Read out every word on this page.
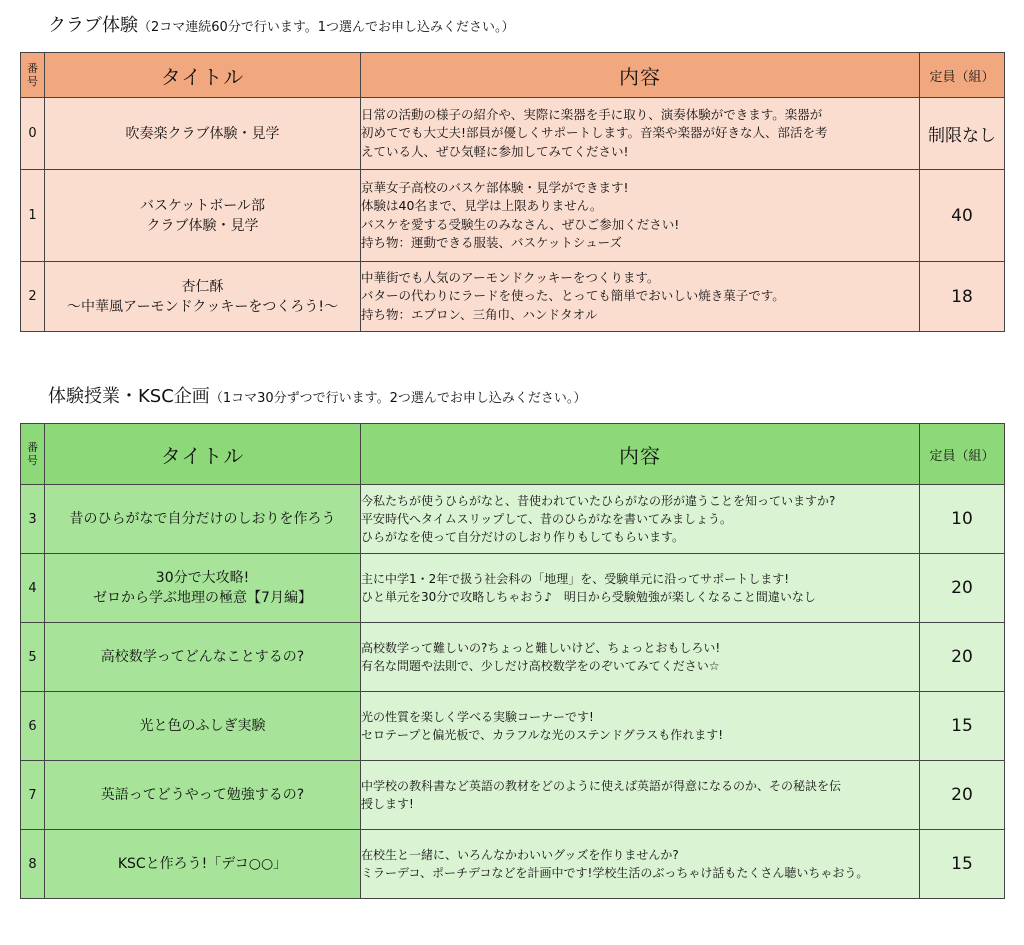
クラブ体験（2コマ連続60分で行います。1つ選んでお申し込みください。）
番
号	タイトル	内容	定員（組）
0	吹奏楽クラブ体験・見学	日常の活動の様子の紹介や、実際に楽器を手に取り、演奏体験ができます。楽器が
初めてでも大丈夫!部員が優しくサポートします。音楽や楽器が好きな人、部活を考
えている人、ぜひ気軽に参加してみてください!	制限なし
1	バスケットボール部
クラブ体験・見学	京華女子高校のバスケ部体験・見学ができます!
体験は40名まで、見学は上限ありません。
バスケを愛する受験生のみなさん、ぜひご参加ください!
持ち物：運動できる服装、バスケットシューズ	40
2	杏仁酥
～中華風アーモンドクッキーをつくろう!～	中華街でも人気のアーモンドクッキーをつくります。
バターの代わりにラードを使った、とっても簡単でおいしい焼き菓子です。
持ち物：エプロン、三角巾、ハンドタオル	18
体験授業・KSC企画（1コマ30分ずつで行います。2つ選んでお申し込みください。）
番
号	タイトル	内容	定員（組）
3	昔のひらがなで自分だけのしおりを作ろう	今私たちが使うひらがなと、昔使われていたひらがなの形が違うことを知っていますか?
平安時代へタイムスリップして、昔のひらがなを書いてみましょう。
ひらがなを使って自分だけのしおり作りもしてもらいます。	10
4	30分で大攻略!
ゼロから学ぶ地理の極意【7月編】	主に中学1・2年で扱う社会科の「地理」を、受験単元に沿ってサポートします!
ひと単元を30分で攻略しちゃおう♪　明日から受験勉強が楽しくなること間違いなし	20
5	高校数学ってどんなことするの?	高校数学って難しいの?ちょっと難しいけど、ちょっとおもしろい!
有名な問題や法則で、少しだけ高校数学をのぞいてみてください☆	20
6	光と色のふしぎ実験	光の性質を楽しく学べる実験コーナーです!
セロテープと偏光板で、カラフルな光のステンドグラスも作れます!	15
7	英語ってどうやって勉強するの?	中学校の教科書など英語の教材をどのように使えば英語が得意になるのか、その秘訣を伝
授します!	20
8	KSCと作ろう!「デコ○○」	在校生と一緒に、いろんなかわいいグッズを作りませんか?
ミラーデコ、ポーチデコなどを計画中です!学校生活のぶっちゃけ話もたくさん聴いちゃおう。	15
